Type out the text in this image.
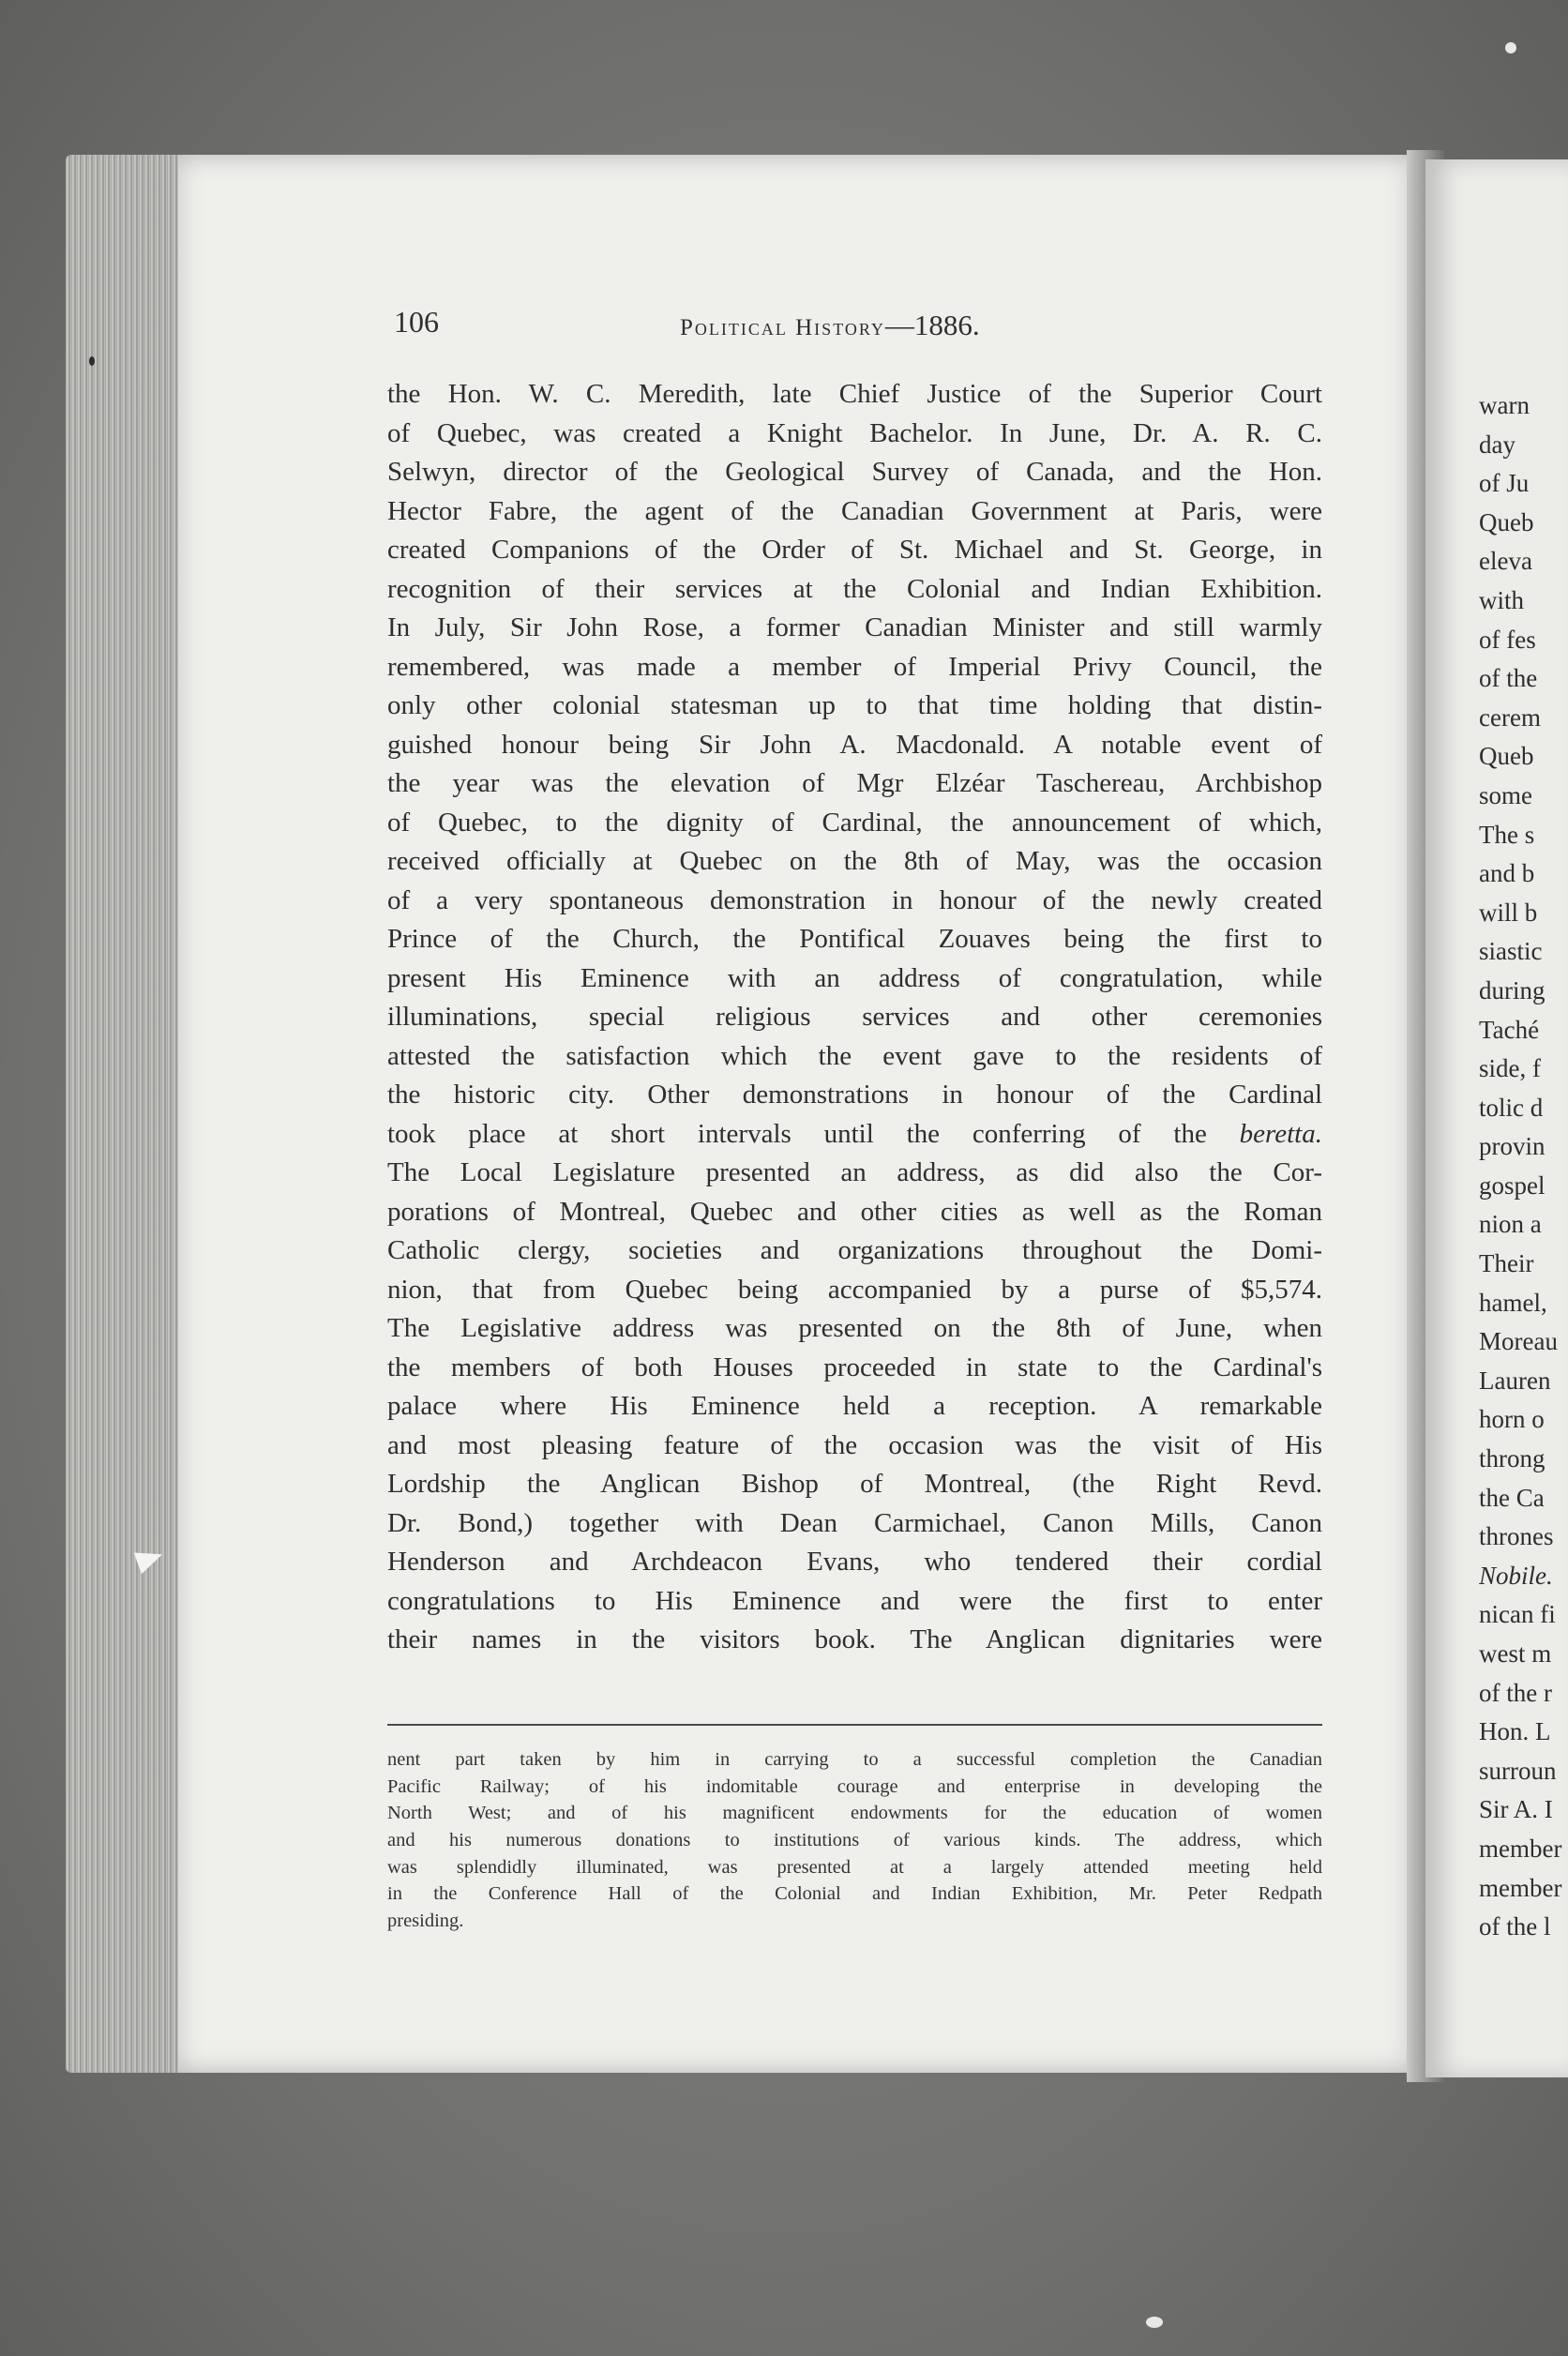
warn
day
of Ju
Queb
eleva
with
of fes
of the
cerem
Queb
some
The s
and b
will b
siastic
during
Taché
side, f
tolic d
provin
gospel
nion a
Their
hamel,
Moreau
Lauren
horn o
throng
the Ca
thrones
Nobile.
nican fi
west m
of the r
Hon. L
surroun
Sir A. I
member
member
of the l
106	Political History—1886.
the Hon. W. C. Meredith, late Chief Justice of the Superior Court
of Quebec, was created a Knight Bachelor. In June, Dr. A. R. C.
Selwyn, director of the Geological Survey of Canada, and the Hon.
Hector Fabre, the agent of the Canadian Government at Paris, were
created Companions of the Order of St. Michael and St. George, in
recognition of their services at the Colonial and Indian Exhibition.
In July, Sir John Rose, a former Canadian Minister and still warmly
remembered, was made a member of Imperial Privy Council, the
only other colonial statesman up to that time holding that distin-
guished honour being Sir John A. Macdonald. A notable event of
the year was the elevation of Mgr Elzéar Taschereau, Archbishop
of Quebec, to the dignity of Cardinal, the announcement of which,
received officially at Quebec on the 8th of May, was the occasion
of a very spontaneous demonstration in honour of the newly created
Prince of the Church, the Pontifical Zouaves being the first to
present His Eminence with an address of congratulation, while
illuminations, special religious services and other ceremonies
attested the satisfaction which the event gave to the residents of
the historic city. Other demonstrations in honour of the Cardinal
took place at short intervals until the conferring of the beretta.
The Local Legislature presented an address, as did also the Cor-
porations of Montreal, Quebec and other cities as well as the Roman
Catholic clergy, societies and organizations throughout the Domi-
nion, that from Quebec being accompanied by a purse of $5,574.
The Legislative address was presented on the 8th of June, when
the members of both Houses proceeded in state to the Cardinal's
palace where His Eminence held a reception. A remarkable
and most pleasing feature of the occasion was the visit of His
Lordship the Anglican Bishop of Montreal, (the Right Revd.
Dr. Bond,) together with Dean Carmichael, Canon Mills, Canon
Henderson and Archdeacon Evans, who tendered their cordial
congratulations to His Eminence and were the first to enter
their names in the visitors book. The Anglican dignitaries were
nent part taken by him in carrying to a successful completion the Canadian
Pacific Railway; of his indomitable courage and enterprise in developing the
North West; and of his magnificent endowments for the education of women
and his numerous donations to institutions of various kinds. The address, which
was splendidly illuminated, was presented at a largely attended meeting held
in the Conference Hall of the Colonial and Indian Exhibition, Mr. Peter Redpath
presiding.
